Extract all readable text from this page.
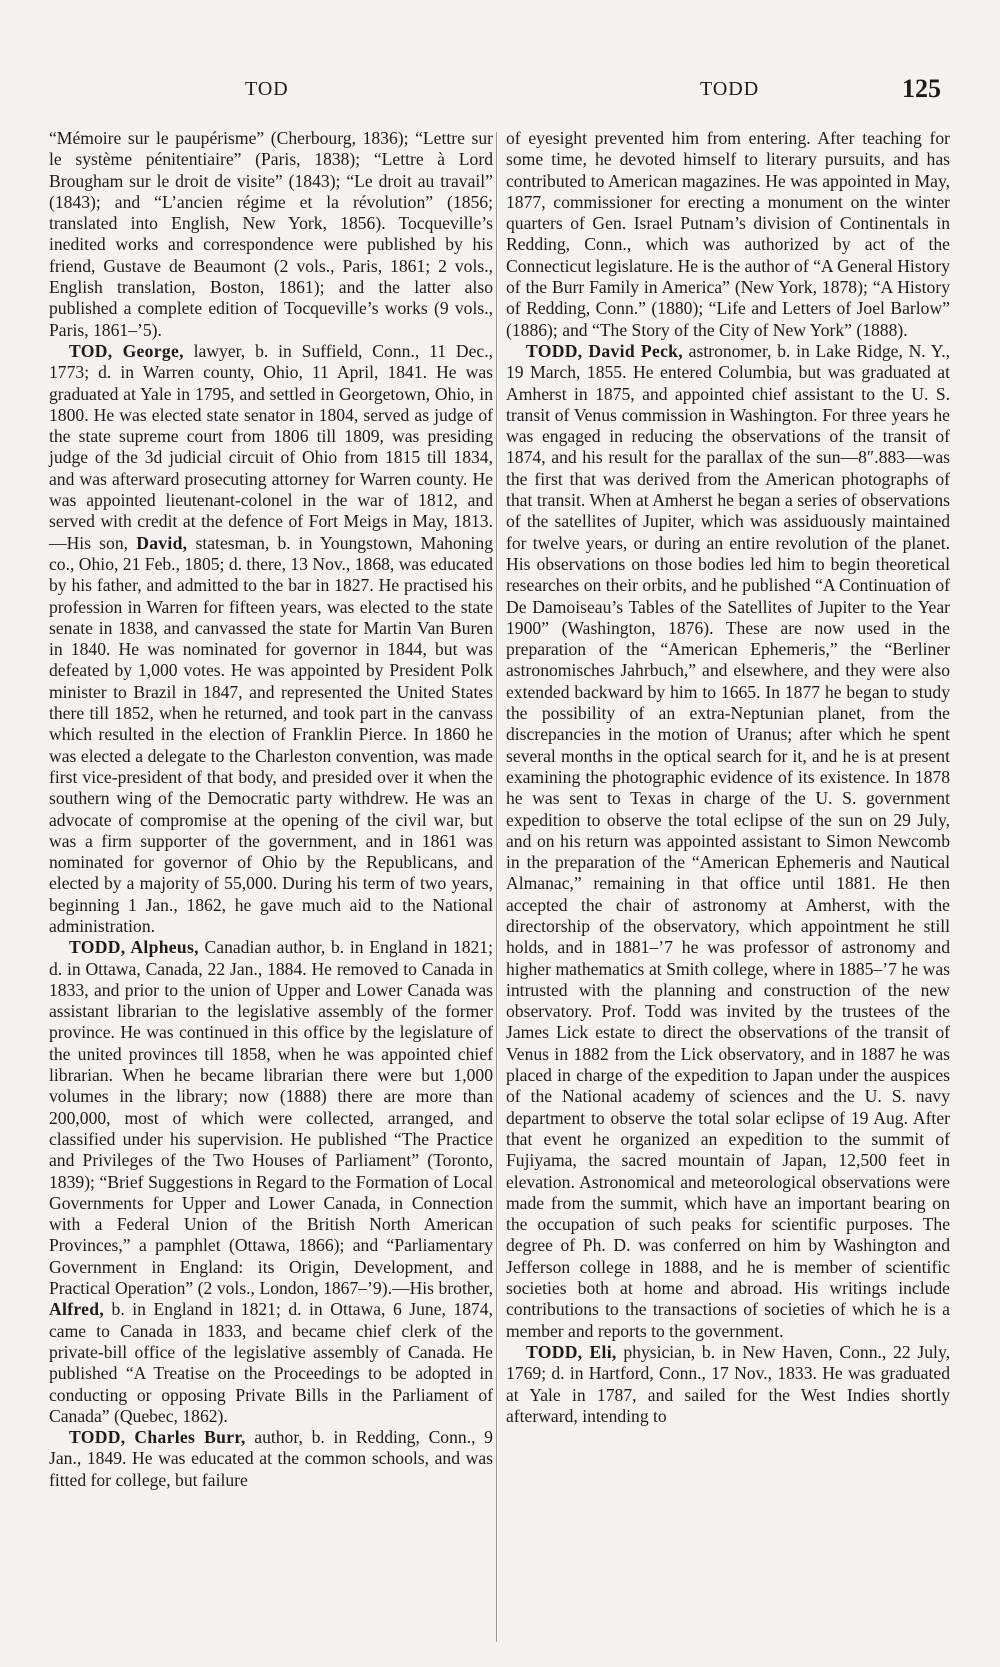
TOD	TODD	125

“Mémoire sur le paupérisme” (Cherbourg, 1836); “Lettre sur le système pénitentiaire” (Paris, 1838); “Lettre à Lord Brougham sur le droit de visite” (1843); “Le droit au travail” (1843); and “L’ancien régime et la révolution” (1856; translated into English, New York, 1856). Tocqueville’s inedited works and correspondence were published by his friend, Gustave de Beaumont (2 vols., Paris, 1861; 2 vols., English translation, Boston, 1861); and the latter also published a complete edition of Tocqueville’s works (9 vols., Paris, 1861–’5).

TOD, George, lawyer, b. in Suffield, Conn., 11 Dec., 1773; d. in Warren county, Ohio, 11 April, 1841. He was graduated at Yale in 1795, and settled in Georgetown, Ohio, in 1800. He was elected state senator in 1804, served as judge of the state supreme court from 1806 till 1809, was presiding judge of the 3d judicial circuit of Ohio from 1815 till 1834, and was afterward prosecuting attorney for Warren county. He was appointed lieutenant-colonel in the war of 1812, and served with credit at the defence of Fort Meigs in May, 1813.—His son, David, statesman, b. in Youngstown, Mahoning co., Ohio, 21 Feb., 1805; d. there, 13 Nov., 1868, was educated by his father, and admitted to the bar in 1827. He practised his profession in Warren for fifteen years, was elected to the state senate in 1838, and canvassed the state for Martin Van Buren in 1840. He was nominated for governor in 1844, but was defeated by 1,000 votes. He was appointed by President Polk minister to Brazil in 1847, and represented the United States there till 1852, when he returned, and took part in the canvass which resulted in the election of Franklin Pierce. In 1860 he was elected a delegate to the Charleston convention, was made first vice-president of that body, and presided over it when the southern wing of the Democratic party withdrew. He was an advocate of compromise at the opening of the civil war, but was a firm supporter of the government, and in 1861 was nominated for governor of Ohio by the Republicans, and elected by a majority of 55,000. During his term of two years, beginning 1 Jan., 1862, he gave much aid to the National administration.

TODD, Alpheus, Canadian author, b. in England in 1821; d. in Ottawa, Canada, 22 Jan., 1884. He removed to Canada in 1833, and prior to the union of Upper and Lower Canada was assistant librarian to the legislative assembly of the former province. He was continued in this office by the legislature of the united provinces till 1858, when he was appointed chief librarian. When he became librarian there were but 1,000 volumes in the library; now (1888) there are more than 200,000, most of which were collected, arranged, and classified under his supervision. He published “The Practice and Privileges of the Two Houses of Parliament” (Toronto, 1839); “Brief Suggestions in Regard to the Formation of Local Governments for Upper and Lower Canada, in Connection with a Federal Union of the British North American Provinces,” a pamphlet (Ottawa, 1866); and “Parliamentary Government in England: its Origin, Development, and Practical Operation” (2 vols., London, 1867–’9).—His brother, Alfred, b. in England in 1821; d. in Ottawa, 6 June, 1874, came to Canada in 1833, and became chief clerk of the private-bill office of the legislative assembly of Canada. He published “A Treatise on the Proceedings to be adopted in conducting or opposing Private Bills in the Parliament of Canada” (Quebec, 1862).

TODD, Charles Burr, author, b. in Redding, Conn., 9 Jan., 1849. He was educated at the common schools, and was fitted for college, but failure

of eyesight prevented him from entering. After teaching for some time, he devoted himself to literary pursuits, and has contributed to American magazines. He was appointed in May, 1877, commissioner for erecting a monument on the winter quarters of Gen. Israel Putnam’s division of Continentals in Redding, Conn., which was authorized by act of the Connecticut legislature. He is the author of “A General History of the Burr Family in America” (New York, 1878); “A History of Redding, Conn.” (1880); “Life and Letters of Joel Barlow” (1886); and “The Story of the City of New York” (1888).

TODD, David Peck, astronomer, b. in Lake Ridge, N. Y., 19 March, 1855. He entered Columbia, but was graduated at Amherst in 1875, and appointed chief assistant to the U. S. transit of Venus commission in Washington. For three years he was engaged in reducing the observations of the transit of 1874, and his result for the parallax of the sun—8″.883—was the first that was derived from the American photographs of that transit. When at Amherst he began a series of observations of the satellites of Jupiter, which was assiduously maintained for twelve years, or during an entire revolution of the planet. His observations on those bodies led him to begin theoretical researches on their orbits, and he published “A Continuation of De Damoiseau’s Tables of the Satellites of Jupiter to the Year 1900” (Washington, 1876). These are now used in the preparation of the “American Ephemeris,” the “Berliner astronomisches Jahrbuch,” and elsewhere, and they were also extended backward by him to 1665. In 1877 he began to study the possibility of an extra-Neptunian planet, from the discrepancies in the motion of Uranus; after which he spent several months in the optical search for it, and he is at present examining the photographic evidence of its existence. In 1878 he was sent to Texas in charge of the U. S. government expedition to observe the total eclipse of the sun on 29 July, and on his return was appointed assistant to Simon Newcomb in the preparation of the “American Ephemeris and Nautical Almanac,” remaining in that office until 1881. He then accepted the chair of astronomy at Amherst, with the directorship of the observatory, which appointment he still holds, and in 1881–’7 he was professor of astronomy and higher mathematics at Smith college, where in 1885–’7 he was intrusted with the planning and construction of the new observatory. Prof. Todd was invited by the trustees of the James Lick estate to direct the observations of the transit of Venus in 1882 from the Lick observatory, and in 1887 he was placed in charge of the expedition to Japan under the auspices of the National academy of sciences and the U. S. navy department to observe the total solar eclipse of 19 Aug. After that event he organized an expedition to the summit of Fujiyama, the sacred mountain of Japan, 12,500 feet in elevation. Astronomical and meteorological observations were made from the summit, which have an important bearing on the occupation of such peaks for scientific purposes. The degree of Ph. D. was conferred on him by Washington and Jefferson college in 1888, and he is member of scientific societies both at home and abroad. His writings include contributions to the transactions of societies of which he is a member and reports to the government.

TODD, Eli, physician, b. in New Haven, Conn., 22 July, 1769; d. in Hartford, Conn., 17 Nov., 1833. He was graduated at Yale in 1787, and sailed for the West Indies shortly afterward, intending to
